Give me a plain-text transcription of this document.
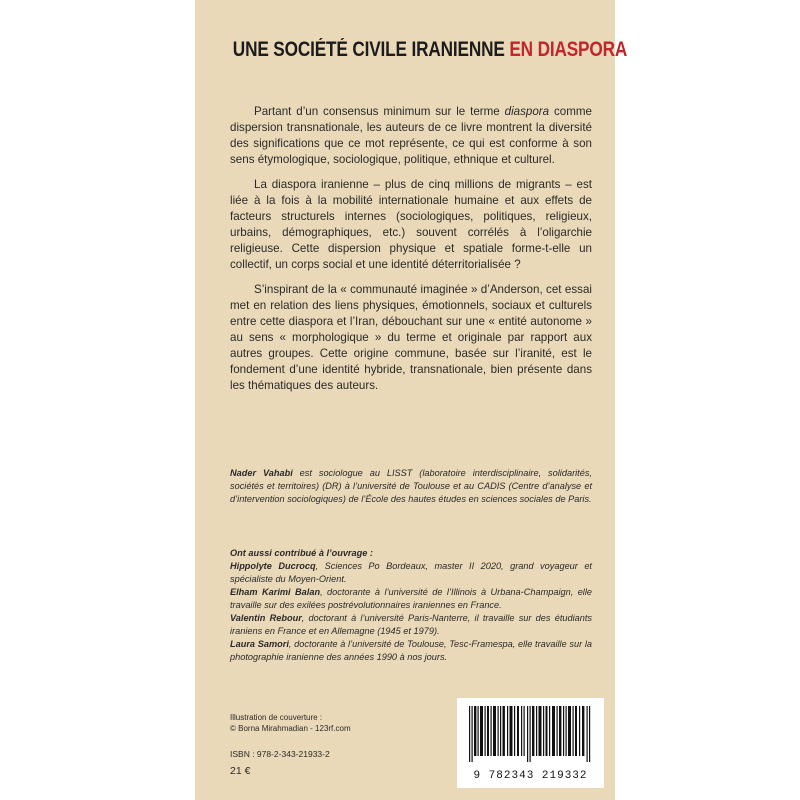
UNE SOCIÉTÉ CIVILE IRANIENNE EN DIASPORA

Partant d’un consensus minimum sur le terme diaspora comme dispersion transnationale, les auteurs de ce livre montrent la diversité des significations que ce mot représente, ce qui est conforme à son sens étymologique, sociologique, politique, ethnique et culturel.

La diaspora iranienne – plus de cinq millions de migrants – est liée à la fois à la mobilité internationale humaine et aux effets de facteurs structurels internes (sociologiques, politiques, religieux, urbains, démographiques, etc.) souvent corrélés à l’oligarchie religieuse. Cette dispersion physique et spatiale forme-t-elle un collectif, un corps social et une identité déterritorialisée ?

S’inspirant de la « communauté imaginée » d’Anderson, cet essai met en relation des liens physiques, émotionnels, sociaux et culturels entre cette diaspora et l’Iran, débouchant sur une « entité autonome » au sens « morphologique » du terme et originale par rapport aux autres groupes. Cette origine commune, basée sur l’iranité, est le fondement d’une identité hybride, transnationale, bien présente dans les thématiques des auteurs.

Nader Vahabi est sociologue au LISST (laboratoire interdisciplinaire, solidarités, sociétés et territoires) (DR) à l’université de Toulouse et au CADIS (Centre d’analyse et d’intervention sociologiques) de l’École des hautes études en sciences sociales de Paris.
Ont aussi contribué à l’ouvrage :
Hippolyte Ducrocq, Sciences Po Bordeaux, master II 2020, grand voyageur et spécialiste du Moyen-Orient.
Elham Karimi Balan, doctorante à l’université de l’Illinois à Urbana-Champaign, elle travaille sur des exilées postrévolutionnaires iraniennes en France.
Valentin Rebour, doctorant à l’université Paris-Nanterre, il travaille sur des étudiants iraniens en France et en Allemagne (1945 et 1979).
Laura Samori, doctorante à l’université de Toulouse, Tesc-Framespa, elle travaille sur la photographie iranienne des années 1990 à nos jours.
Illustration de couverture :
© Borna Mirahmadian - 123rf.com
ISBN : 978-2-343-21933-2
21 €	9 782343 219332
